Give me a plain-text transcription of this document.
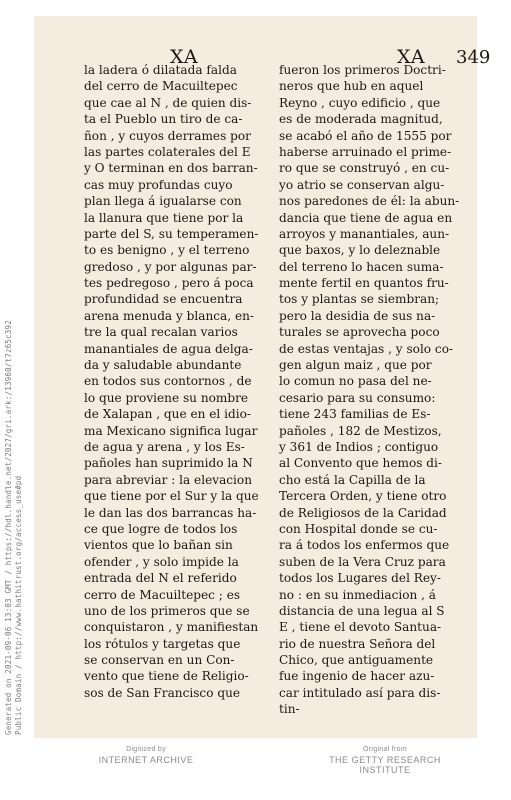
Generated on 2021-09-06 13:03 GMT / https://hdl.handle.net/2027/gri.ark:/13960/t7z65c392 Public Domain / http://www.hathitrust.org/access_use#pd
XA	XA 349
la ladera ó dilatada falda
del cerro de Macuiltepec
que cae al N , de quien dis-
ta el Pueblo un tiro de ca-
ñon , y cuyos derrames por
las partes colaterales del E
y O terminan en dos barran-
cas muy profundas cuyo
plan llega á igualarse con
la llanura que tiene por la
parte del S, su temperamen-
to es benigno , y el terreno
gredoso , y por algunas par-
tes pedregoso , pero á poca
profundidad se encuentra
arena menuda y blanca, en-
tre la qual recalan varios
manantiales de agua delga-
da y saludable abundante
en todos sus contornos , de
lo que proviene su nombre
de Xalapan , que en el idio-
ma Mexicano significa lugar
de agua y arena , y los Es-
pañoles han suprimido la N
para abreviar : la elevacion
que tiene por el Sur y la que
le dan las dos barrancas ha-
ce que logre de todos los
vientos que lo bañan sin
ofender , y solo impide la
entrada del N el referido
cerro de Macuiltepec ; es
uno de los primeros que se
conquistaron , y manifiestan
los rótulos y targetas que
se conservan en un Con-
vento que tiene de Religio-
sos de San Francisco que
fueron los primeros Doctri-
neros que hub en aquel
Reyno , cuyo edificio , que
es de moderada magnitud,
se acabó el año de 1555 por
haberse arruinado el prime-
ro que se construyó , en cu-
yo atrio se conservan algu-
nos paredones de él: la abun-
dancia que tiene de agua en
arroyos y manantiales, aun-
que baxos, y lo deleznable
del terreno lo hacen suma-
mente fertil en quantos fru-
tos y plantas se siembran;
pero la desidia de sus na-
turales se aprovecha poco
de estas ventajas , y solo co-
gen algun maiz , que por
lo comun no pasa del ne-
cesario para su consumo:
tiene 243 familias de Es-
pañoles , 182 de Mestizos,
y 361 de Indios ; contiguo
al Convento que hemos di-
cho está la Capilla de la
Tercera Orden, y tiene otro
de Religiosos de la Caridad
con Hospital donde se cu-
ra á todos los enfermos que
suben de la Vera Cruz para
todos los Lugares del Rey-
no : en su inmediacion , á
distancia de una legua al S
E , tiene el devoto Santua-
rio de nuestra Señora del
Chico, que antiguamente
fue ingenio de hacer azu-
car intitulado así para dis-
tin-
Digitized by
INTERNET ARCHIVE
Original from
THE GETTY RESEARCH INSTITUTE
